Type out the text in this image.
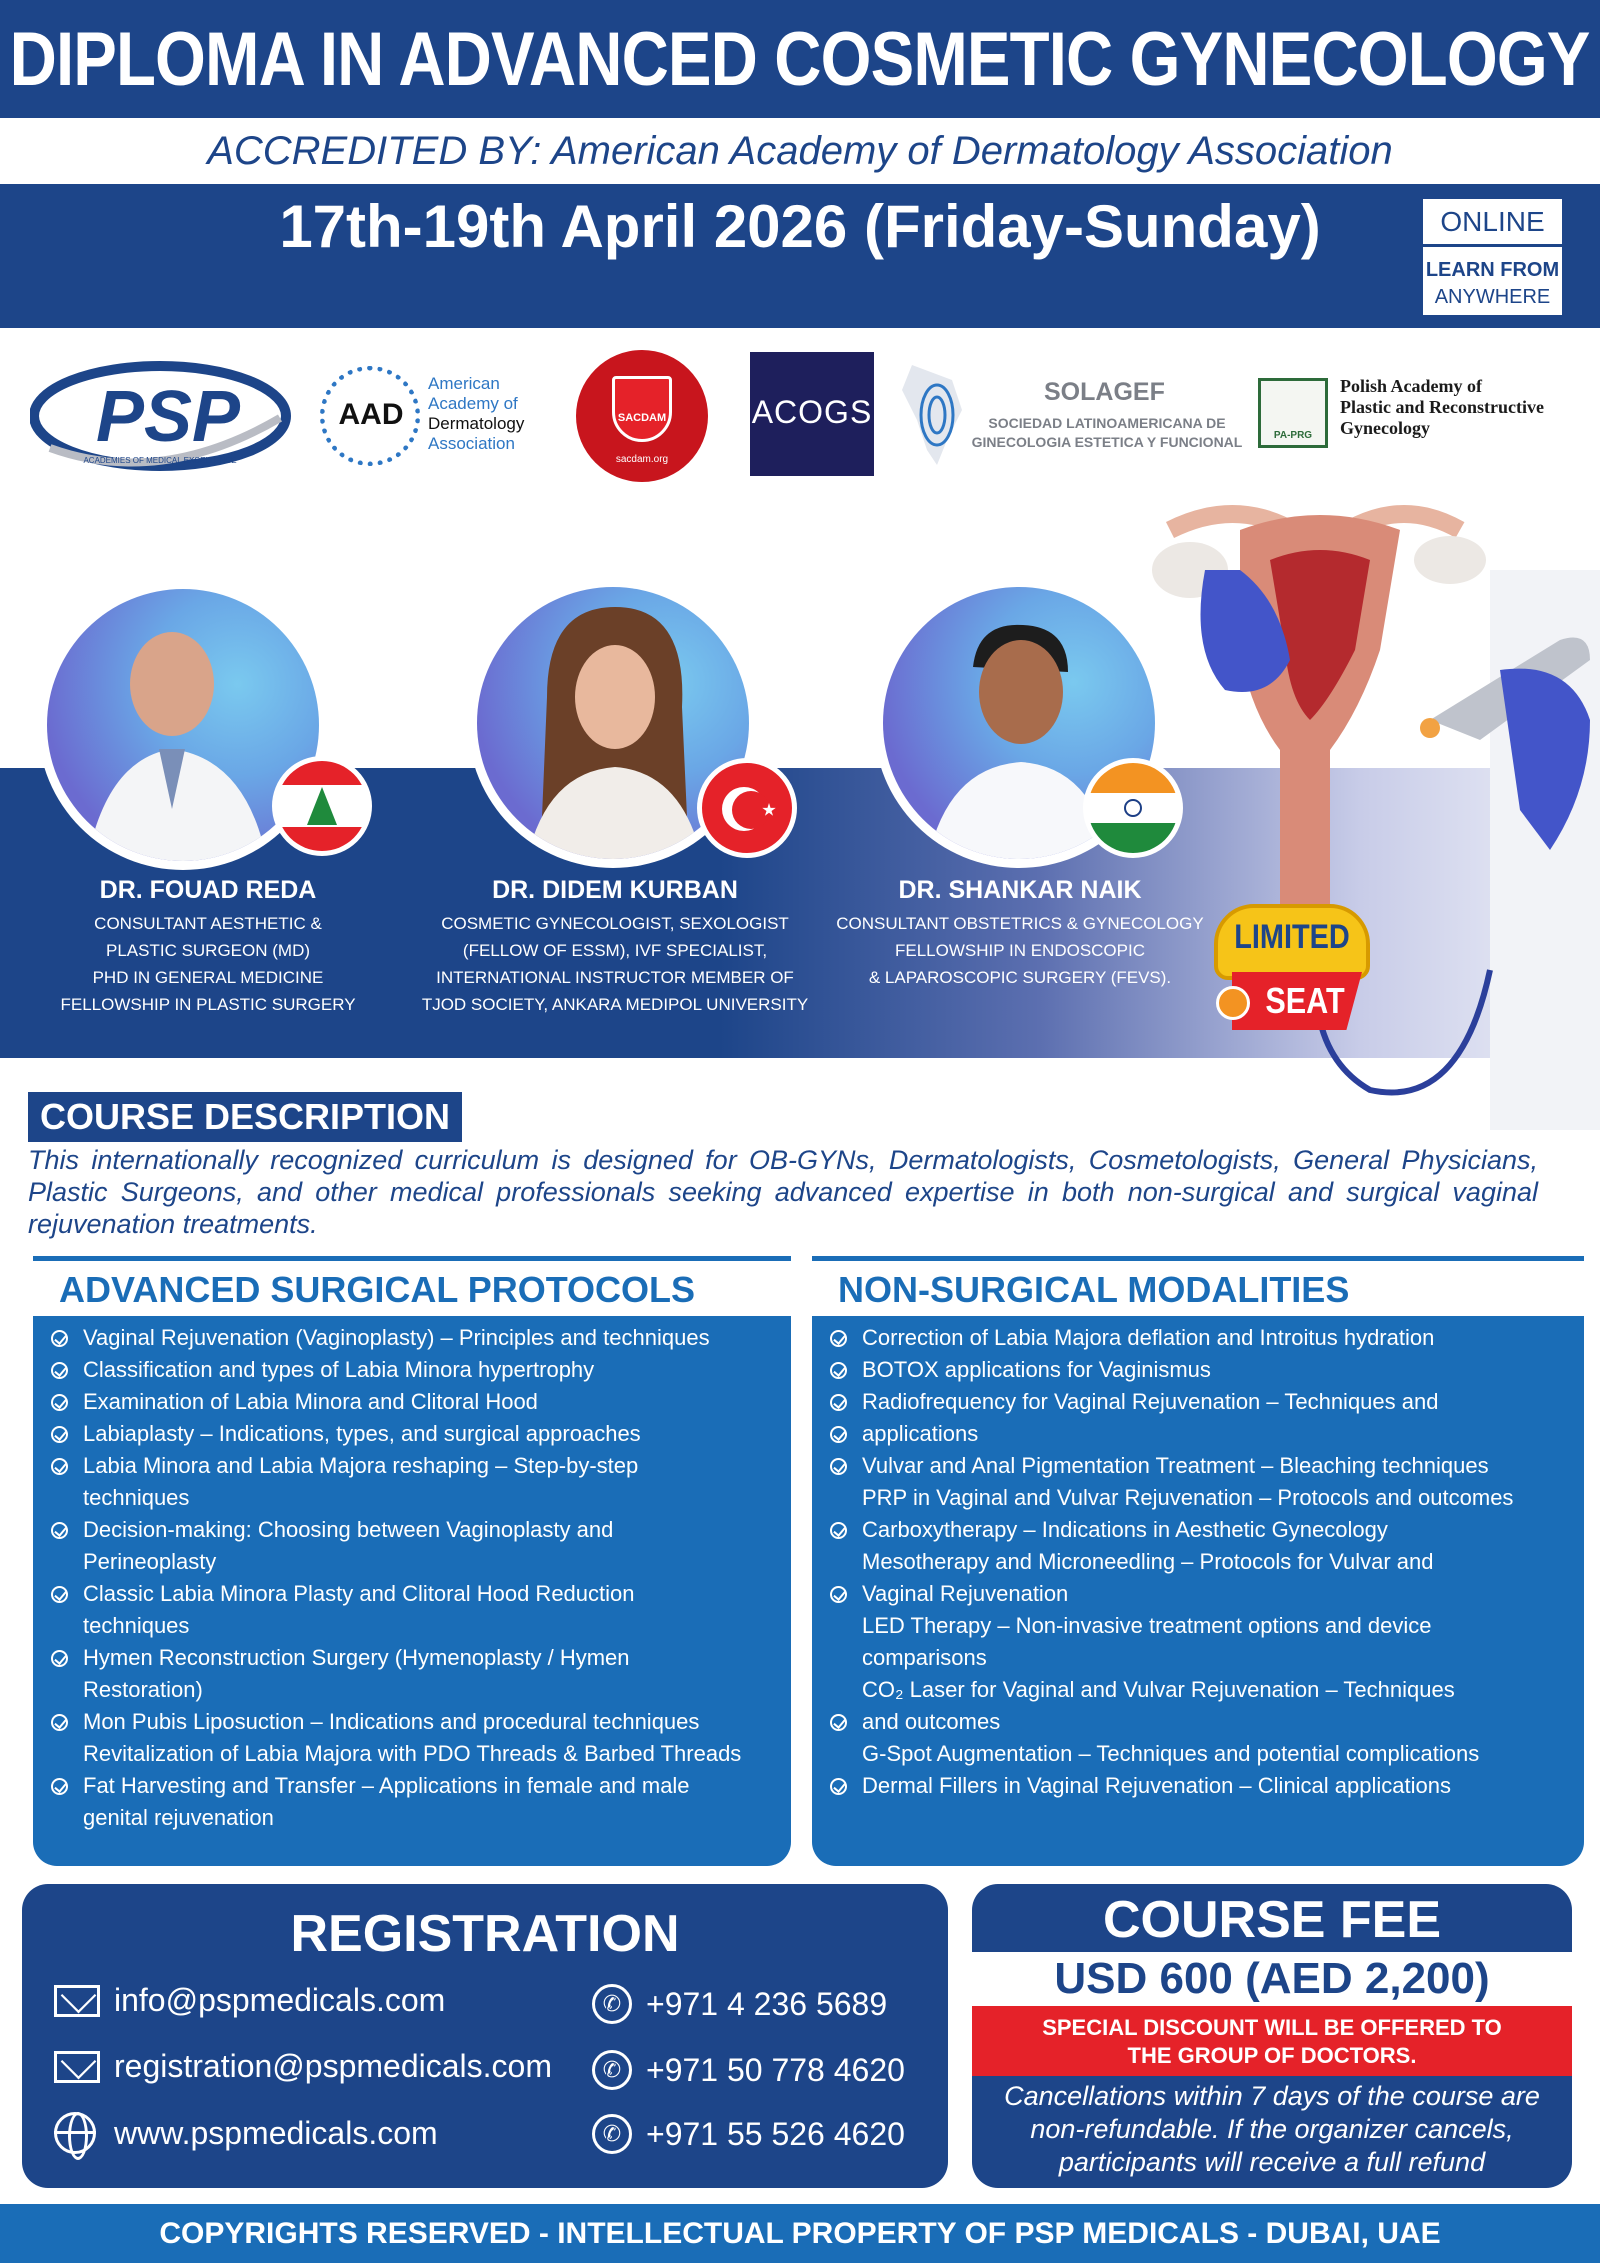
DIPLOMA IN ADVANCED COSMETIC GYNECOLOGY
ACCREDITED BY: American Academy of Dermatology Association
17th-19th April 2026 (Friday-Sunday)	ONLINE
LEARN FROM
ANYWHERE
PSP
ACADEMIES OF MEDICAL EXCELLENCE
AAD
American
Academy of
Dermatology
Association
SACDAM
sacdam.org
ACOGS
SOLAGEF
SOCIEDAD LATINOAMERICANA DE
GINECOLOGIA ESTETICA Y FUNCIONAL	PA-PRG
Polish Academy of
Plastic and Reconstructive
Gynecology
DR. FOUAD REDA
CONSULTANT AESTHETIC &
PLASTIC SURGEON (MD)
PHD IN GENERAL MEDICINE
FELLOWSHIP IN PLASTIC SURGERY
DR. DIDEM KURBAN
COSMETIC GYNECOLOGIST, SEXOLOGIST
(FELLOW OF ESSM), IVF SPECIALIST,
INTERNATIONAL INSTRUCTOR MEMBER OF
TJOD SOCIETY, ANKARA MEDIPOL UNIVERSITY
DR. SHANKAR NAIK
CONSULTANT OBSTETRICS & GYNECOLOGY
FELLOWSHIP IN ENDOSCOPIC
& LAPAROSCOPIC SURGERY (FEVS).
LIMITED
SEAT
COURSE DESCRIPTION
This internationally recognized curriculum is designed for OB-GYNs, Dermatologists, Cosmetologists, General Physicians, Plastic Surgeons, and other medical professionals seeking advanced expertise in both non-surgical and surgical vaginal rejuvenation treatments.
ADVANCED SURGICAL PROTOCOLS
Vaginal Rejuvenation (Vaginoplasty) – Principles and techniques
Classification and types of Labia Minora hypertrophy
Examination of Labia Minora and Clitoral Hood
Labiaplasty – Indications, types, and surgical approaches
Labia Minora and Labia Majora reshaping – Step-by-step
techniques
Decision-making: Choosing between Vaginoplasty and
Perineoplasty
Classic Labia Minora Plasty and Clitoral Hood Reduction
techniques
Hymen Reconstruction Surgery (Hymenoplasty / Hymen
Restoration)
Mon Pubis Liposuction – Indications and procedural techniques
Revitalization of Labia Majora with PDO Threads & Barbed Threads
Fat Harvesting and Transfer – Applications in female and male
genital rejuvenation
NON-SURGICAL MODALITIES
Correction of Labia Majora deflation and Introitus hydration
BOTOX applications for Vaginismus
Radiofrequency for Vaginal Rejuvenation – Techniques and
applications
Vulvar and Anal Pigmentation Treatment – Bleaching techniques
PRP in Vaginal and Vulvar Rejuvenation – Protocols and outcomes
Carboxytherapy – Indications in Aesthetic Gynecology
Mesotherapy and Microneedling – Protocols for Vulvar and
Vaginal Rejuvenation
LED Therapy – Non-invasive treatment options and device
comparisons
CO₂ Laser for Vaginal and Vulvar Rejuvenation – Techniques
and outcomes
G-Spot Augmentation – Techniques and potential complications
Dermal Fillers in Vaginal Rejuvenation – Clinical applications
REGISTRATION
info@pspmedicals.com
registration@pspmedicals.com
www.pspmedicals.com
✆ +971 4 236 5689
✆ +971 50 778 4620
✆ +971 55 526 4620
COURSE FEE
USD 600 (AED 2,200)
SPECIAL DISCOUNT WILL BE OFFERED TO
THE GROUP OF DOCTORS.
Cancellations within 7 days of the course are
non-refundable. If the organizer cancels,
participants will receive a full refund
COPYRIGHTS RESERVED - INTELLECTUAL PROPERTY OF PSP MEDICALS - DUBAI, UAE
